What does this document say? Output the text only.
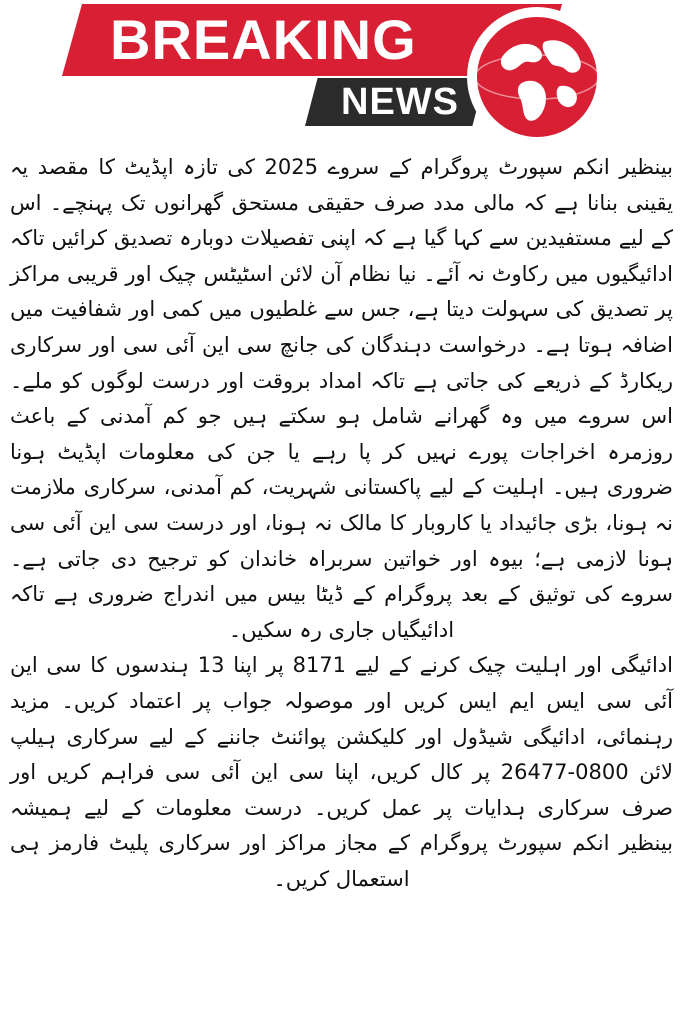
BREAKING
NEWS

بینظیر انکم سپورٹ پروگرام کے سروے 2025 کی تازہ اپڈیٹ کا مقصد یہ یقینی بنانا ہے کہ مالی مدد صرف حقیقی مستحق گھرانوں تک پہنچے۔ اس کے لیے مستفیدین سے کہا گیا ہے کہ اپنی تفصیلات دوبارہ تصدیق کرائیں تاکہ ادائیگیوں میں رکاوٹ نہ آئے۔ نیا نظام آن لائن اسٹیٹس چیک اور قریبی مراکز پر تصدیق کی سہولت دیتا ہے، جس سے غلطیوں میں کمی اور شفافیت میں اضافہ ہوتا ہے۔ درخواست دہندگان کی جانچ سی این آئی سی اور سرکاری ریکارڈ کے ذریعے کی جاتی ہے تاکہ امداد بروقت اور درست لوگوں کو ملے۔ اس سروے میں وہ گھرانے شامل ہو سکتے ہیں جو کم آمدنی کے باعث روزمرہ اخراجات پورے نہیں کر پا رہے یا جن کی معلومات اپڈیٹ ہونا ضروری ہیں۔ اہلیت کے لیے پاکستانی شہریت، کم آمدنی، سرکاری ملازمت نہ ہونا، بڑی جائیداد یا کاروبار کا مالک نہ ہونا، اور درست سی این آئی سی ہونا لازمی ہے؛ بیوہ اور خواتین سربراہ خاندان کو ترجیح دی جاتی ہے۔ سروے کی توثیق کے بعد پروگرام کے ڈیٹا بیس میں اندراج ضروری ہے تاکہ ادائیگیاں جاری رہ سکیں۔

ادائیگی اور اہلیت چیک کرنے کے لیے 8171 پر اپنا 13 ہندسوں کا سی این آئی سی ایس ایم ایس کریں اور موصولہ جواب پر اعتماد کریں۔ مزید رہنمائی، ادائیگی شیڈول اور کلیکشن پوائنٹ جاننے کے لیے سرکاری ہیلپ لائن 0800-26477 پر کال کریں، اپنا سی این آئی سی فراہم کریں اور صرف سرکاری ہدایات پر عمل کریں۔ درست معلومات کے لیے ہمیشہ بینظیر انکم سپورٹ پروگرام کے مجاز مراکز اور سرکاری پلیٹ فارمز ہی استعمال کریں۔
